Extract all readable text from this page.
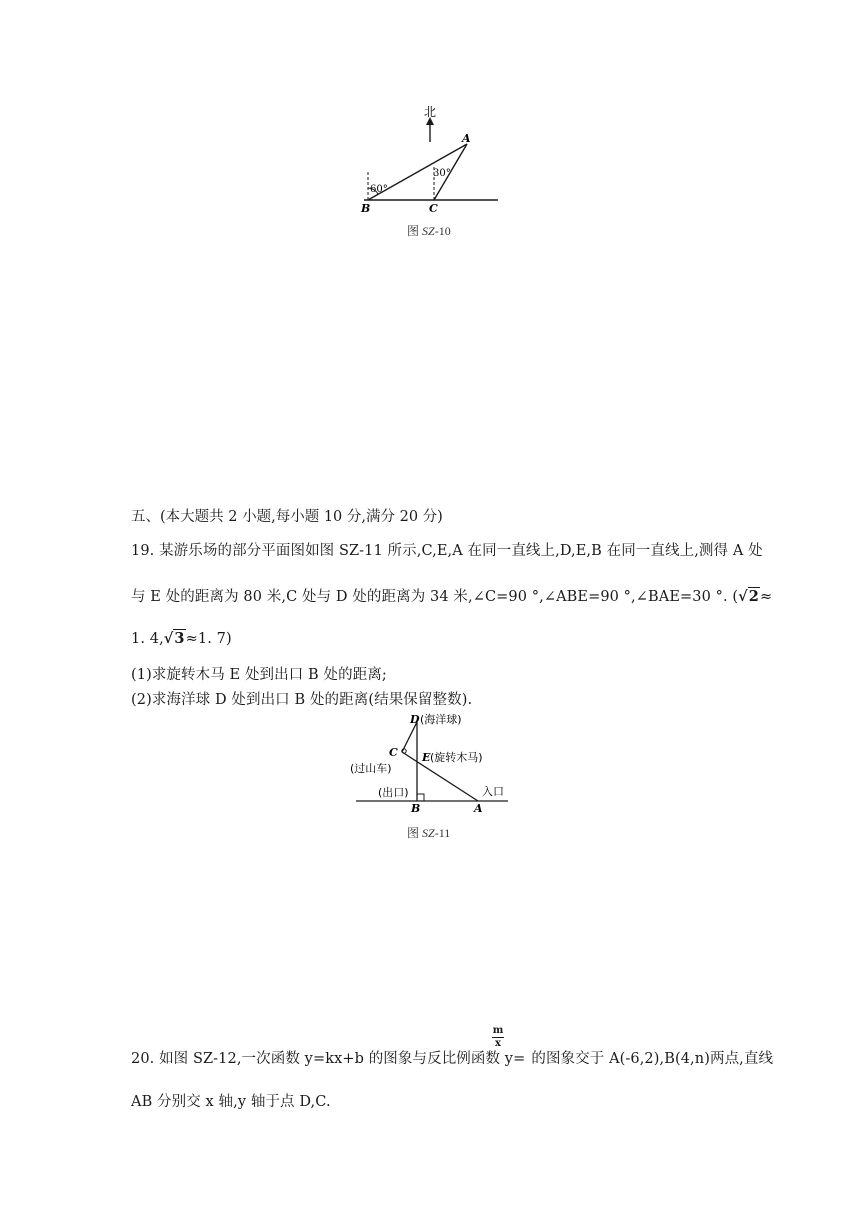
北
A
B	C
60°
30°
图 SZ-10
五、(本大题共 2 小题,每小题 10 分,满分 20 分)
19. 某游乐场的部分平面图如图 SZ-11 所示,C,E,A 在同一直线上,D,E,B 在同一直线上,测得 A 处
与 E 处的距离为 80 米,C 处与 D 处的距离为 34 米,∠C=90 °,∠ABE=90 °,∠BAE=30 °. (√2≈
1. 4,√3≈1. 7)
(1)求旋转木马 E 处到出口 B 处的距离;
(2)求海洋球 D 处到出口 B 处的距离(结果保留整数).
D (海洋球)
C E (旋转木马)
(过山车)
(出口)	入口
B	A
图 SZ-11
m
x
20. 如图 SZ-12,一次函数 y=kx+b 的图象与反比例函数 y= 的图象交于 A(-6,2),B(4,n)两点,直线
AB 分别交 x 轴,y 轴于点 D,C.
